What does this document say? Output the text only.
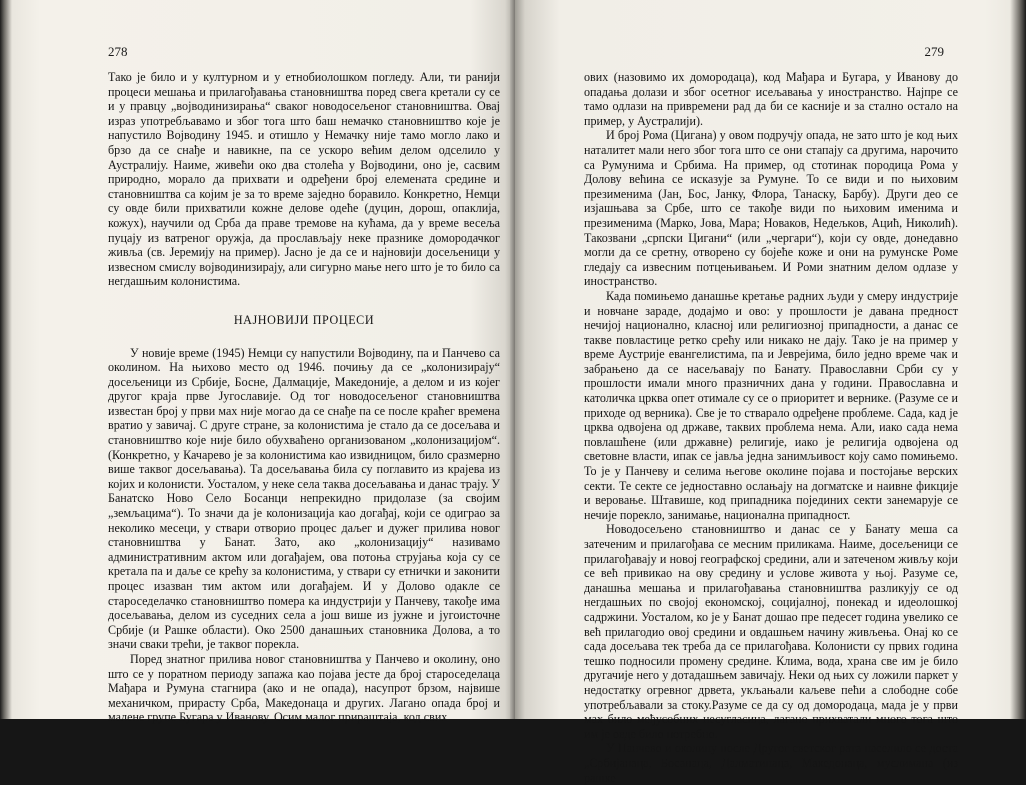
278

Тако је било и у културном и у етнобиолошком погледу. Али, ти ранији процеси мешања и прилагођавања становништва поред свега кретали су се и у правцу „војводинизирања“ сваког новодосељеног становништва. Овај израз употребљавамо и због тога што баш немачко становништво које је напустило Војводину 1945. и отишло у Немачку није тамо могло лако и брзо да се снађе и навикне, па се ускоро већим делом одселило у Аустралију. Наиме, живећи око два столећа у Војводини, оно је, сасвим природно, морало да прихвати и одређени број елемената средине и становништва са којим је за то време заједно боравило. Конкретно, Немци су овде били прихватили кожне делове одеће (дуцин, дорош, опаклија, кожух), научили од Срба да праве тремове на кућама, да у време весеља пуцају из ватреног оружја, да прослављају неке празнике домородачког живља (св. Јеремију на пример). Јасно је да се и најновији досељеници у извесном смислу војводинизирају, али сигурно мање него што је то било са негдашњим колонистима.

НАЈНОВИЈИ ПРОЦЕСИ

У новије време (1945) Немци су напустили Војводину, па и Панчево са околином. На њихово место од 1946. почињу да се „колонизирају“ досељеници из Србије, Босне, Далмације, Македоније, а делом и из којег другог краја прве Југославије. Од тог новодосељеног становништва известан број у први мах није могао да се снађе па се после краћег времена вратио у завичај. С друге стране, за колонистима је стало да се досељава и становништво које није било обухваћено организованом „колонизацијом“. (Конкретно, у Качарево је за колонистима као извидницом, било сразмерно више таквог досељавања). Та досељавања била су поглавито из крајева из којих и колонисти. Уосталом, у неке села таква досељавања и данас трају. У Банатско Ново Село Босанци непрекидно придолазе (за својим „земљацима“). То значи да је колонизација као догађај, који се одиграо за неколико месеци, у ствари отворио процес даљег и дужег прилива новог становништва у Банат. Зато, ако „колонизацију“ називамо административним актом или догађајем, ова потоња струјања која су се кретала па и даље се крећу за колонистима, у ствари су етнички и законити процес изазван тим актом или догађајем. И у Долово одакле се староседелачко становништво помера ка индустрији у Панчеву, такође има досељавања, делом из суседних села а још више из јужне и југоисточне Србије (и Рашке области). Око 2500 данашњих становника Долова, а то значи сваки трећи, је таквог порекла.

Поред знатног прилива новог становништва у Панчево и околину, оно што се у поратном периоду запажа као појава јесте да број староседелаца Мађара и Румуна стагнира (ако и не опада), насупрот брзом, највише механичком, прирасту Срба, Македонаца и других. Лагано опада број и малене групе Бугара у Иванову. Осим малог прираштаја, код свих

279

ових (назовимо их домородаца), код Мађара и Бугара, у Иванову до опадања долази и због осетног исељавања у иностранство. Најпре се тамо одлази на привремени рад да би се касније и за стално остало на пример, у Аустралији).

И број Рома (Цигана) у овом подручју опада, не зато што је код њих наталитет мали него због тога што се они стапају са другима, нарочито са Румунима и Србима. На пример, од стотинак породица Рома у Долову већина се исказује за Румуне. То се види и по њиховим презименима (Јан, Бос, Јанку, Флора, Танаску, Барбу). Други део се изјашњава за Србе, што се такође види по њиховим именима и презименима (Марко, Јова, Мара; Новаков, Недељков, Ацић, Николић). Такозвани „српски Цигани“ (или „чергари“), који су овде, донедавно могли да се сретну, отворено су бојеће коже и они на румунске Роме гледају са извесним потцењивањем. И Роми знатним делом одлазе у иностранство.

Када помињемо данашње кретање радних људи у смеру индустрије и новчане зараде, додајмо и ово: у прошлости је давана предност нечијој национално, класној или религиозној припадности, а данас се такве повластице ретко срећу или никако не дају. Тако је на пример у време Аустрије евангелистима, па и Јеврејима, било једно време чак и забрањено да се насељавају по Банату. Православни Срби су у прошлости имали много празничних дана у години. Православна и католичка црква опет отимале су се о приоритет и вернике. (Разуме се и приходе од верника). Све је то стварало одређене проблеме. Сада, кад је црква одвојена од државе, таквих проблема нема. Али, иако сада нема повлашћене (или државне) религије, иако је религија одвојена од световне власти, ипак се јавља једна занимљивост коју само помињемо. То је у Панчеву и селима његове околине појава и постојање верских секти. Те секте се једноставно ослањају на догматске и наивне фикције и веровање. Штавише, код припадника појединих секти занемарује се нечије порекло, занимање, национална припадност.

Новодосељено становништво и данас се у Банату меша са затеченим и прилагођава се месним приликама. Наиме, досељеници се прилагођавају и новој географској средини, али и затеченом живљу који се већ привикао на ову средину и услове живота у њој. Разуме се, данашња мешања и прилагођавања становништва разликују се од негдашњих по својој економској, социјалној, понекад и идеолошкој садржини. Уосталом, ко је у Банат дошао пре педесет година увелико се већ прилагодио овој средини и овдашњем начину живљења. Онај ко се сада досељава тек треба да се прилагођава. Колонисти су првих година тешко подносили промену средине. Клима, вода, храна све им је било другачије него у дотадашњем завичају. Неки од њих су ложили паркет у недостатку огревног дрвета, укљањали каљеве пећи а слободне собе употребљавали за стоку.Разуме се да су од домородаца, мада је у први мах било међусобних несугласица, лагано прихватали много тога што им је овде било потребно.

У Панчево и околину после Другог светског рата населило се доста „Србијанаца, Босанаца, Далматинаца, Македонаца, муслимана (из рашке
